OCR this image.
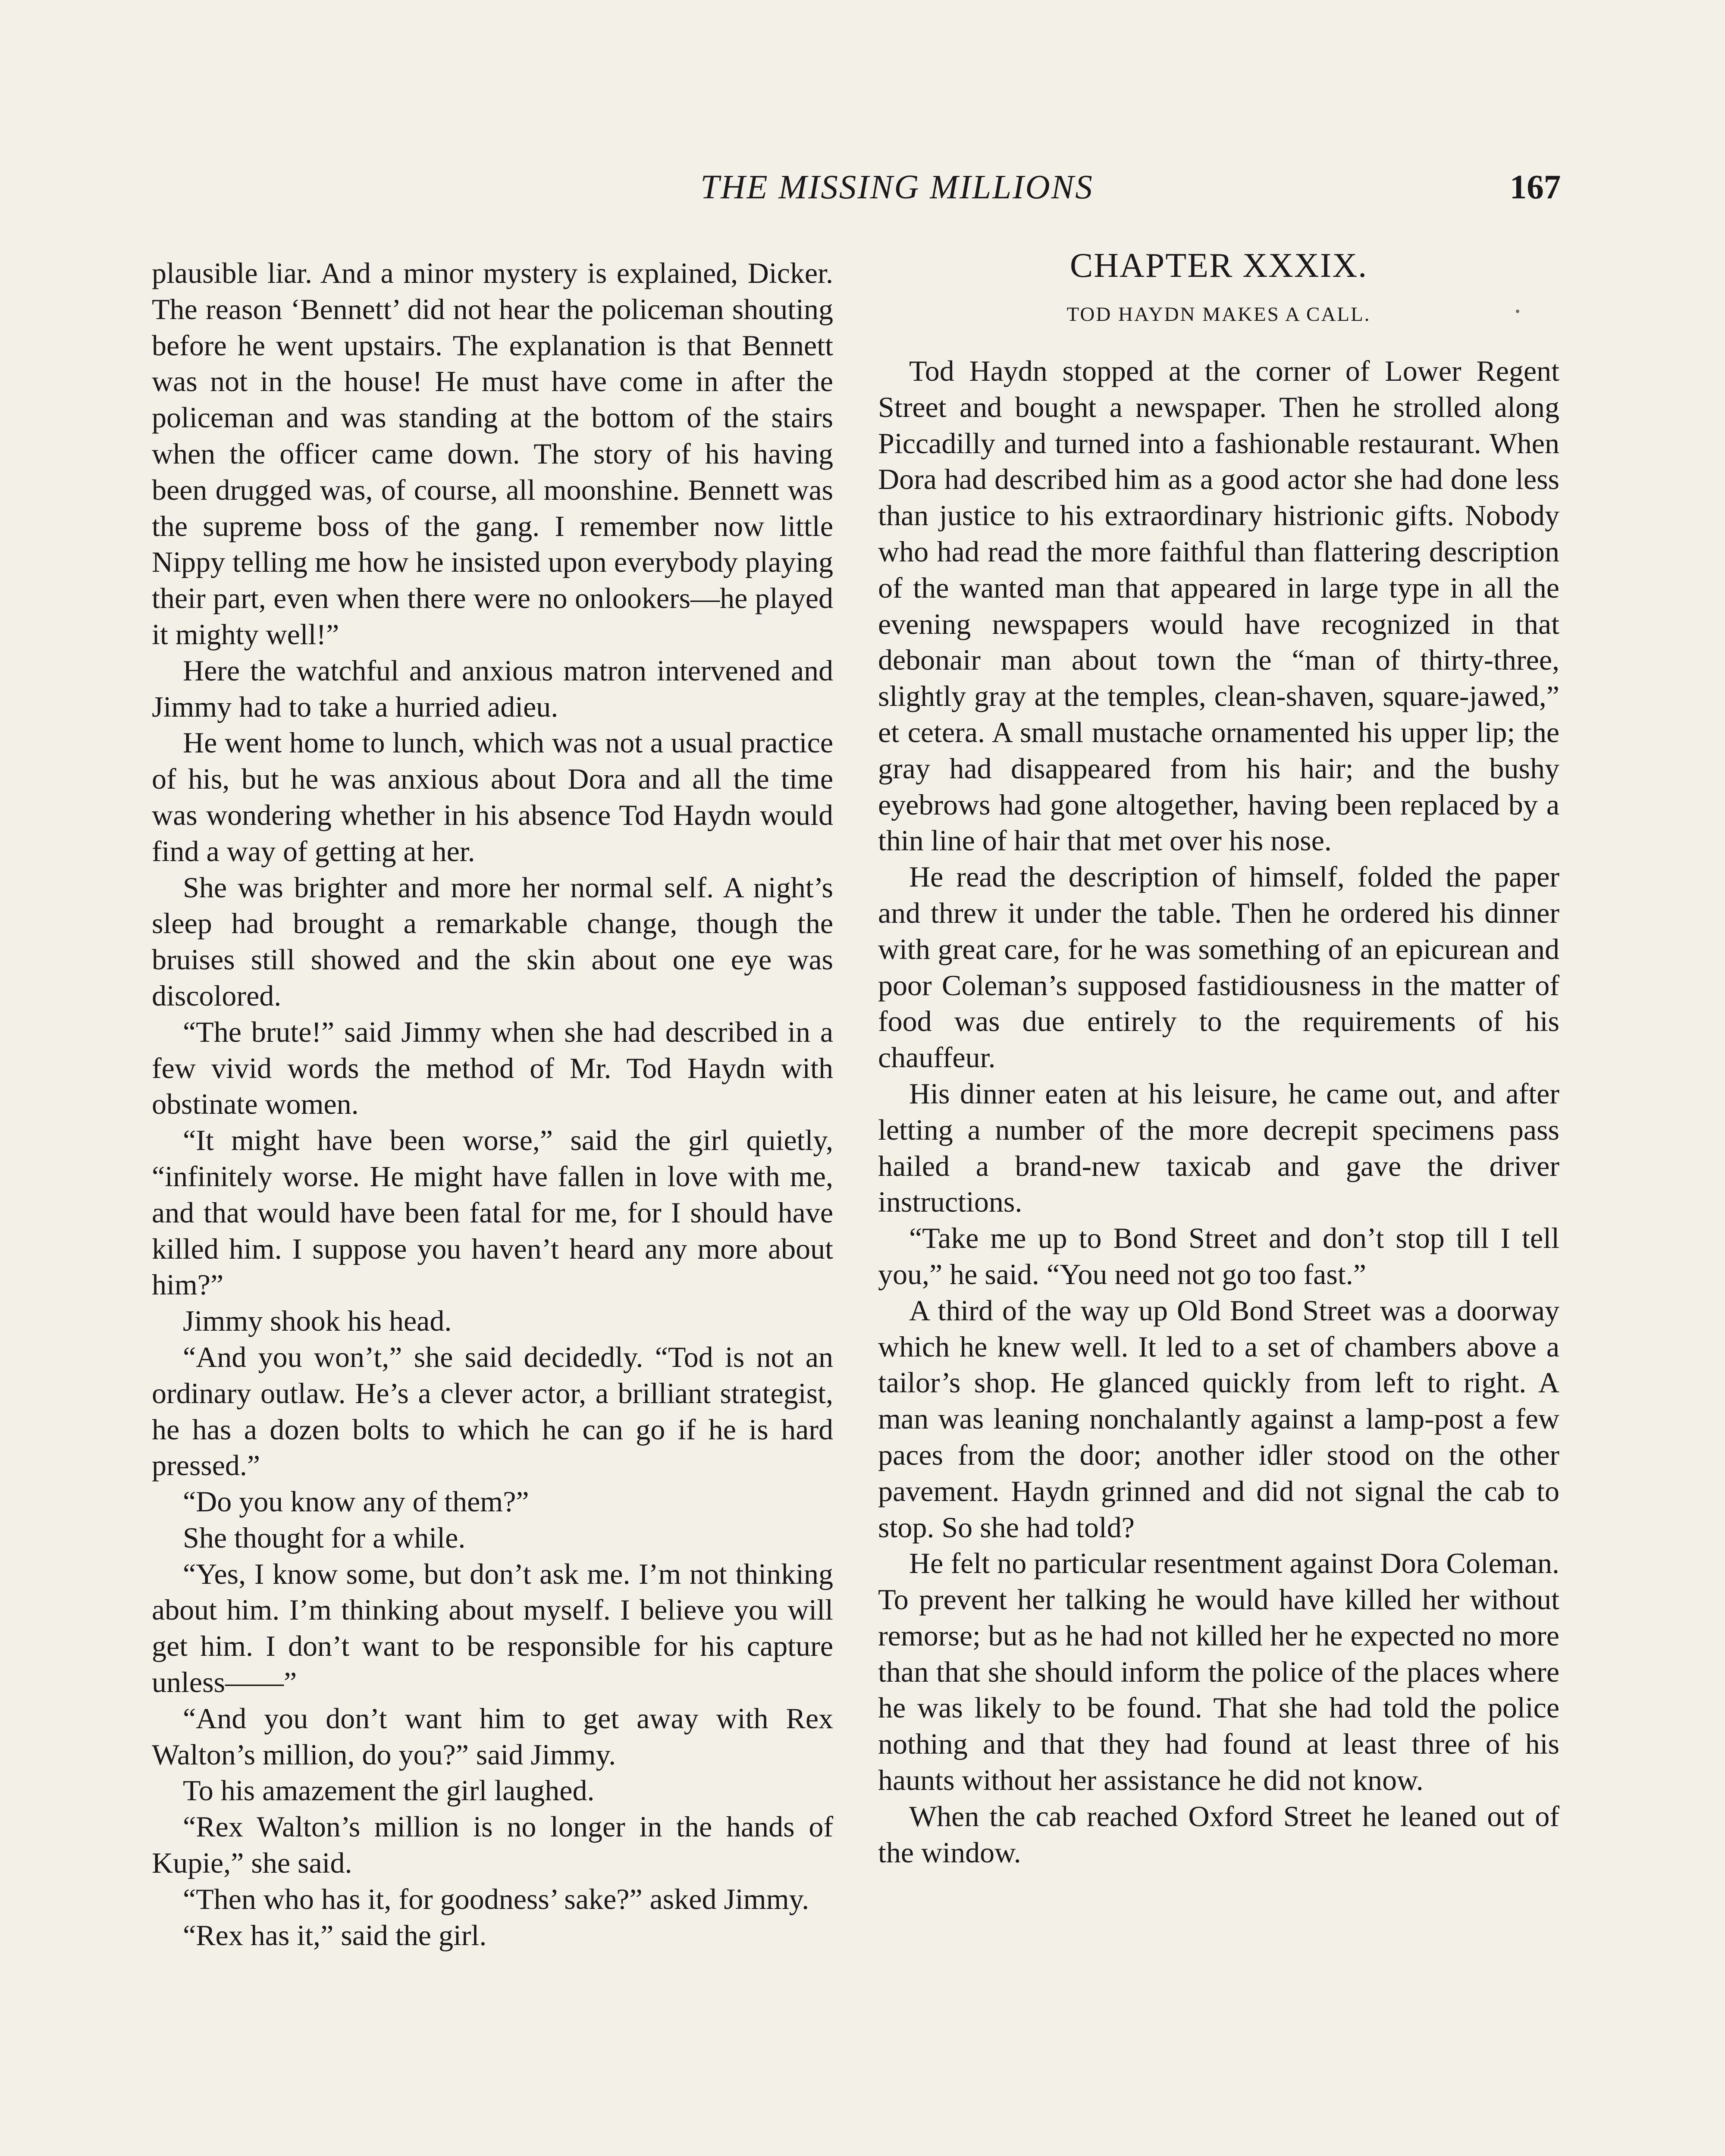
THE MISSING MILLIONS	167

plausible liar. And a minor mystery is explained, Dicker. The reason ‘Bennett’ did not hear the policeman shouting before he went upstairs. The explanation is that Bennett was not in the house! He must have come in after the policeman and was standing at the bottom of the stairs when the officer came down. The story of his having been drugged was, of course, all moonshine. Bennett was the supreme boss of the gang. I remember now little Nippy telling me how he insisted upon everybody playing their part, even when there were no onlookers—he played it mighty well!”

Here the watchful and anxious matron intervened and Jimmy had to take a hurried adieu.

He went home to lunch, which was not a usual practice of his, but he was anxious about Dora and all the time was wondering whether in his absence Tod Haydn would find a way of getting at her.

She was brighter and more her normal self. A night’s sleep had brought a remarkable change, though the bruises still showed and the skin about one eye was discolored.

“The brute!” said Jimmy when she had described in a few vivid words the method of Mr. Tod Haydn with obstinate women.

“It might have been worse,” said the girl quietly, “infinitely worse. He might have fallen in love with me, and that would have been fatal for me, for I should have killed him. I suppose you haven’t heard any more about him?”

Jimmy shook his head.

“And you won’t,” she said decidedly. “Tod is not an ordinary outlaw. He’s a clever actor, a brilliant strategist, he has a dozen bolts to which he can go if he is hard pressed.”

“Do you know any of them?”

She thought for a while.

“Yes, I know some, but don’t ask me. I’m not thinking about him. I’m thinking about myself. I believe you will get him. I don’t want to be responsible for his capture unless——”

“And you don’t want him to get away with Rex Walton’s million, do you?” said Jimmy.

To his amazement the girl laughed.

“Rex Walton’s million is no longer in the hands of Kupie,” she said.

“Then who has it, for goodness’ sake?” asked Jimmy.

“Rex has it,” said the girl.

CHAPTER XXXIX.
TOD HAYDN MAKES A CALL.

Tod Haydn stopped at the corner of Lower Regent Street and bought a newspaper. Then he strolled along Piccadilly and turned into a fashionable restaurant. When Dora had described him as a good actor she had done less than justice to his extraordinary histrionic gifts. Nobody who had read the more faithful than flattering description of the wanted man that appeared in large type in all the evening newspapers would have recognized in that debonair man about town the “man of thirty-three, slightly gray at the temples, clean-shaven, square-jawed,” et cetera. A small mustache ornamented his upper lip; the gray had disappeared from his hair; and the bushy eyebrows had gone altogether, having been replaced by a thin line of hair that met over his nose.

He read the description of himself, folded the paper and threw it under the table. Then he ordered his dinner with great care, for he was something of an epicurean and poor Coleman’s supposed fastidiousness in the matter of food was due entirely to the requirements of his chauffeur.

His dinner eaten at his leisure, he came out, and after letting a number of the more decrepit specimens pass hailed a brand-new taxicab and gave the driver instructions.

“Take me up to Bond Street and don’t stop till I tell you,” he said. “You need not go too fast.”

A third of the way up Old Bond Street was a doorway which he knew well. It led to a set of chambers above a tailor’s shop. He glanced quickly from left to right. A man was leaning nonchalantly against a lamp-post a few paces from the door; another idler stood on the other pavement. Haydn grinned and did not signal the cab to stop. So she had told?

He felt no particular resentment against Dora Coleman. To prevent her talking he would have killed her without remorse; but as he had not killed her he expected no more than that she should inform the police of the places where he was likely to be found. That she had told the police nothing and that they had found at least three of his haunts without her assistance he did not know.

When the cab reached Oxford Street he leaned out of the window.
